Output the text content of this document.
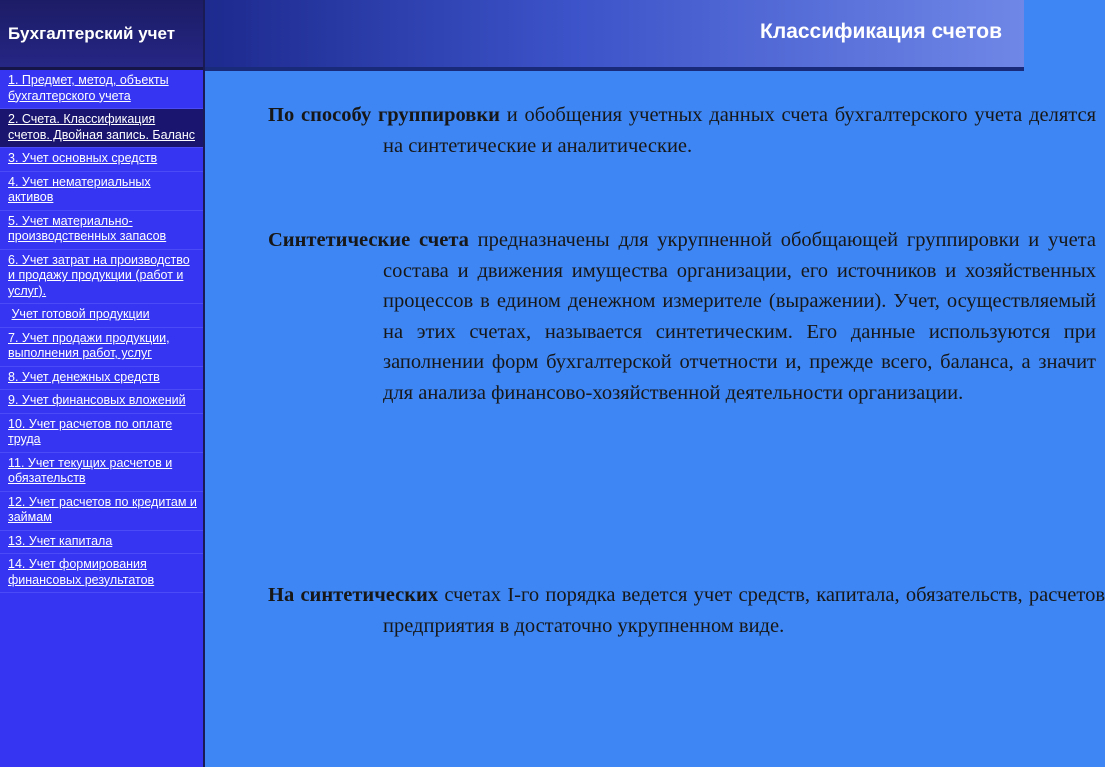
Бухгалтерский учет
1. Предмет, метод, объекты бухгалтерского учета
2. Счета. Классификация счетов. Двойная запись. Баланс
3. Учет основных средств
4. Учет нематериальных активов
5. Учет материально-производственных запасов
6. Учет затрат на производство и продажу продукции (работ и услуг).
Учет готовой продукции
7. Учет продажи продукции, выполнения работ, услуг
8. Учет денежных средств
9. Учет финансовых вложений
10. Учет расчетов по оплате труда
11. Учет текущих расчетов и обязательств
12. Учет расчетов по кредитам и займам
13. Учет капитала
14. Учет формирования финансовых результатов
Классификация счетов
По способу группировки и обобщения учетных данных счета бухгалтерского учета делятся на синтетические и аналитические.
Синтетические счета предназначены для укрупненной обобщающей группировки и учета состава и движения имущества организации, его источников и хозяйственных процессов в едином денежном измерителе (выражении). Учет, осуществляемый на этих счетах, называется синтетическим. Его данные используются при заполнении форм бухгалтерской отчетности и, прежде всего, баланса, а значит для анализа финансово-хозяйственной деятельности организации.
На синтетических счетах I-го порядка ведется учет средств, капитала, обязательств, расчетов предприятия в достаточно укрупненном виде.
